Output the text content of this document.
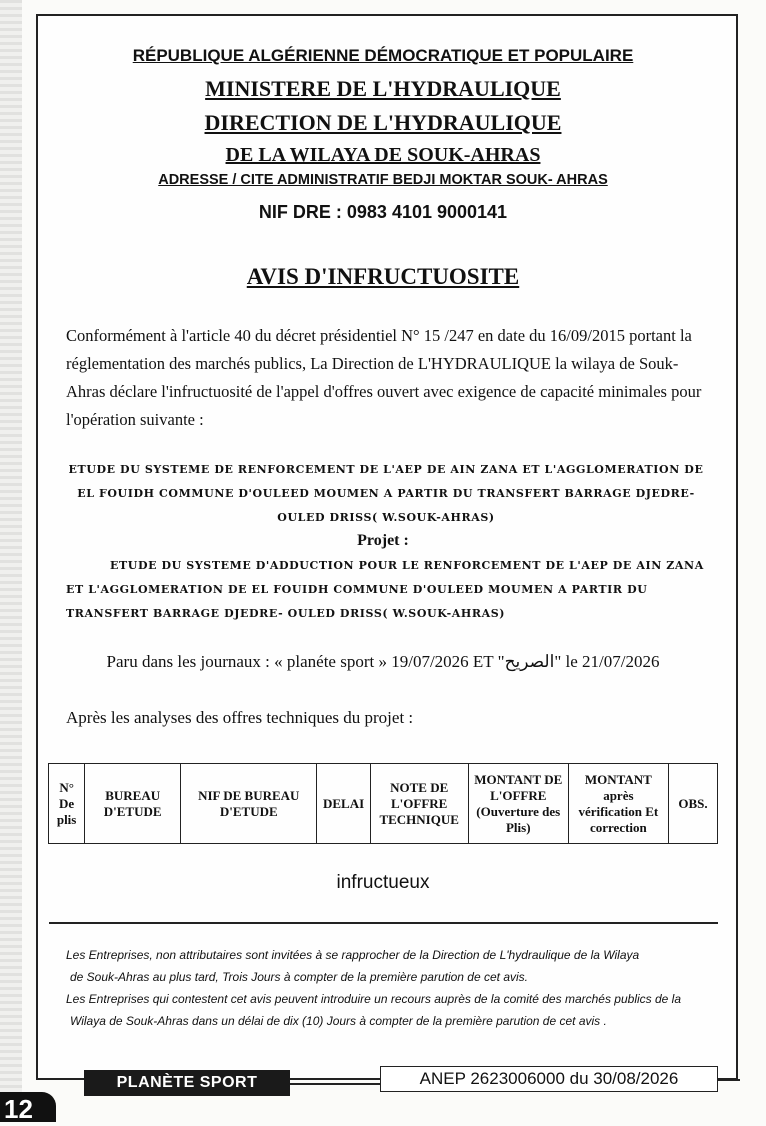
RÉPUBLIQUE ALGÉRIENNE DÉMOCRATIQUE ET POPULAIRE
MINISTERE DE L'HYDRAULIQUE
DIRECTION DE L'HYDRAULIQUE
DE LA WILAYA DE SOUK-AHRAS
ADRESSE / CITE ADMINISTRATIF BEDJI MOKTAR SOUK- AHRAS
NIF DRE : 0983 4101 9000141
AVIS D'INFRUCTUOSITE
Conformément à l'article 40 du décret présidentiel N° 15 /247 en date du 16/09/2015 portant la réglementation des marchés publics, La Direction de L'HYDRAULIQUE la wilaya de Souk-Ahras déclare l'infructuosité de l'appel d'offres ouvert avec exigence de capacité minimales pour l'opération suivante :
ETUDE DU SYSTEME DE RENFORCEMENT DE L'AEP DE AIN ZANA ET L'AGGLOMERATION DE EL FOUIDH COMMUNE D'OULEED MOUMEN A PARTIR DU TRANSFERT BARRAGE DJEDRE- OULED DRISS( W.SOUK-AHRAS)
Projet :
ETUDE DU SYSTEME D'ADDUCTION POUR LE RENFORCEMENT DE L'AEP DE AIN ZANA ET L'AGGLOMERATION DE EL FOUIDH COMMUNE D'OULEED MOUMEN A PARTIR DU TRANSFERT BARRAGE DJEDRE- OULED DRISS( W.SOUK-AHRAS)
Paru dans les journaux : « planéte sport » 19/07/2026 ET "الصريح" le 21/07/2026
Après les analyses des offres techniques du projet :
N° De plis	BUREAU D'ETUDE	NIF DE BUREAU D'ETUDE	DELAI	NOTE DE L'OFFRE TECHNIQUE	MONTANT DE L'OFFRE (Ouverture des Plis)	MONTANT après vérification Et correction	OBS.
infructueux
Les Entreprises, non attributaires sont invitées à se rapprocher de la Direction de L'hydraulique de la Wilaya
de Souk-Ahras au plus tard, Trois Jours à compter de la première parution de cet avis.
Les Entreprises qui contestent cet avis peuvent introduire un recours auprès de la comité des marchés publics de la
Wilaya de Souk-Ahras dans un délai de dix (10) Jours à compter de la première parution de cet avis .
PLANÈTE SPORT	ANEP 2623006000 du 30/08/2026
12
